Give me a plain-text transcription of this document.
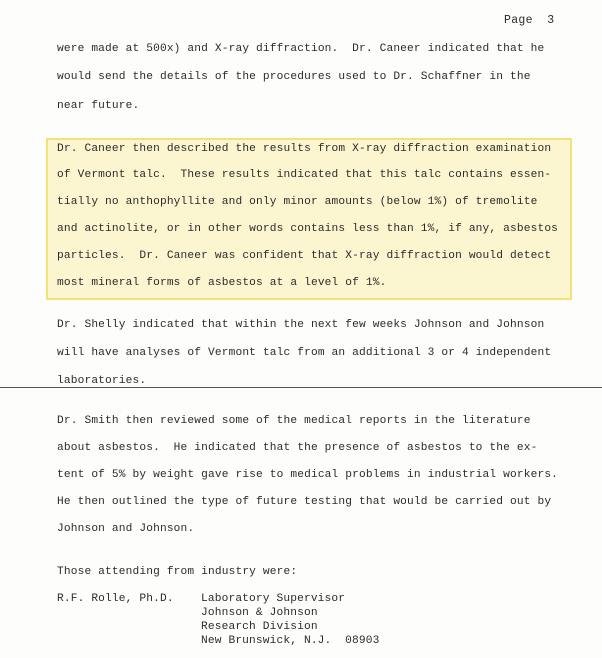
Page  3
were made at 500x) and X-ray diffraction.  Dr. Caneer indicated that he
would send the details of the procedures used to Dr. Schaffner in the
near future.
Dr. Caneer then described the results from X-ray diffraction examination
of Vermont talc.  These results indicated that this talc contains essen-
tially no anthophyllite and only minor amounts (below 1%) of tremolite
and actinolite, or in other words contains less than 1%, if any, asbestos
particles.  Dr. Caneer was confident that X-ray diffraction would detect
most mineral forms of asbestos at a level of 1%.
Dr. Shelly indicated that within the next few weeks Johnson and Johnson
will have analyses of Vermont talc from an additional 3 or 4 independent
laboratories.
Dr. Smith then reviewed some of the medical reports in the literature
about asbestos.  He indicated that the presence of asbestos to the ex-
tent of 5% by weight gave rise to medical problems in industrial workers.
He then outlined the type of future testing that would be carried out by
Johnson and Johnson.
Those attending from industry were:
R.F. Rolle, Ph.D. Laboratory Supervisor
Johnson & Johnson
Research Division
New Brunswick, N.J.  08903
